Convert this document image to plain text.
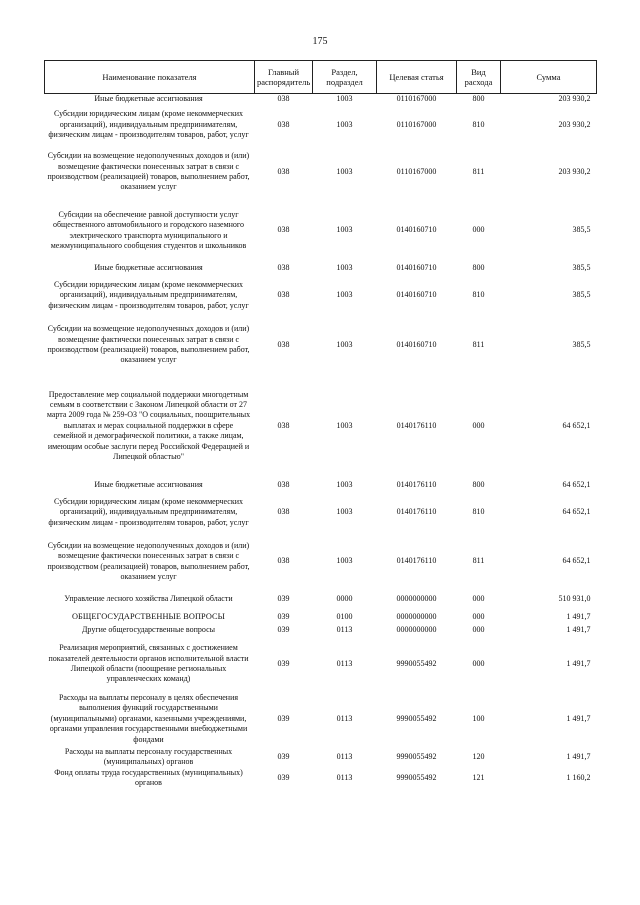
175
Наименование показателя	Главный распорядитель	Раздел, подраздел	Целевая статья	Вид расхода	Сумма
Иные бюджетные ассигнования	038	1003	0110167000	800	203 930,2
Субсидии юридическим лицам (кроме некоммерческих организаций), индивидуальным предпринимателям, физическим лицам - производителям товаров, работ, услуг	038	1003	0110167000	810	203 930,2
Субсидии на возмещение недополученных доходов и (или) возмещение фактически понесенных затрат в связи с производством (реализацией) товаров, выполнением работ, оказанием услуг	038	1003	0110167000	811	203 930,2
Субсидии на обеспечение равной доступности услуг общественного автомобильного и городского наземного электрического транспорта муниципального и межмуниципального сообщения студентов и школьников	038	1003	0140160710	000	385,5
Иные бюджетные ассигнования	038	1003	0140160710	800	385,5
Субсидии юридическим лицам (кроме некоммерческих организаций), индивидуальным предпринимателям, физическим лицам - производителям товаров, работ, услуг	038	1003	0140160710	810	385,5
Субсидии на возмещение недополученных доходов и (или) возмещение фактически понесенных затрат в связи с производством (реализацией) товаров, выполнением работ, оказанием услуг	038	1003	0140160710	811	385,5
Предоставление мер социальной поддержки многодетным семьям в соответствии с Законом Липецкой области от 27 марта 2009 года № 259-ОЗ "О социальных, поощрительных выплатах и мерах социальной поддержки в сфере семейной и демографической политики, а также лицам, имеющим особые заслуги перед Российской Федерацией и Липецкой областью"	038	1003	0140176110	000	64 652,1
Иные бюджетные ассигнования	038	1003	0140176110	800	64 652,1
Субсидии юридическим лицам (кроме некоммерческих организаций), индивидуальным предпринимателям, физическим лицам - производителям товаров, работ, услуг	038	1003	0140176110	810	64 652,1
Субсидии на возмещение недополученных доходов и (или) возмещение фактически понесенных затрат в связи с производством (реализацией) товаров, выполнением работ, оказанием услуг	038	1003	0140176110	811	64 652,1
Управление лесного хозяйства Липецкой области	039	0000	0000000000	000	510 931,0
ОБЩЕГОСУДАРСТВЕННЫЕ ВОПРОСЫ	039	0100	0000000000	000	1 491,7
Другие общегосударственные вопросы	039	0113	0000000000	000	1 491,7
Реализация мероприятий, связанных с достижением показателей деятельности органов исполнительной власти Липецкой области (поощрение региональных управленческих команд)	039	0113	9990055492	000	1 491,7
Расходы на выплаты персоналу в целях обеспечения выполнения функций государственными (муниципальными) органами, казенными учреждениями, органами управления государственными внебюджетными фондами	039	0113	9990055492	100	1 491,7
Расходы на выплаты персоналу государственных (муниципальных) органов	039	0113	9990055492	120	1 491,7
Фонд оплаты труда государственных (муниципальных) органов	039	0113	9990055492	121	1 160,2
